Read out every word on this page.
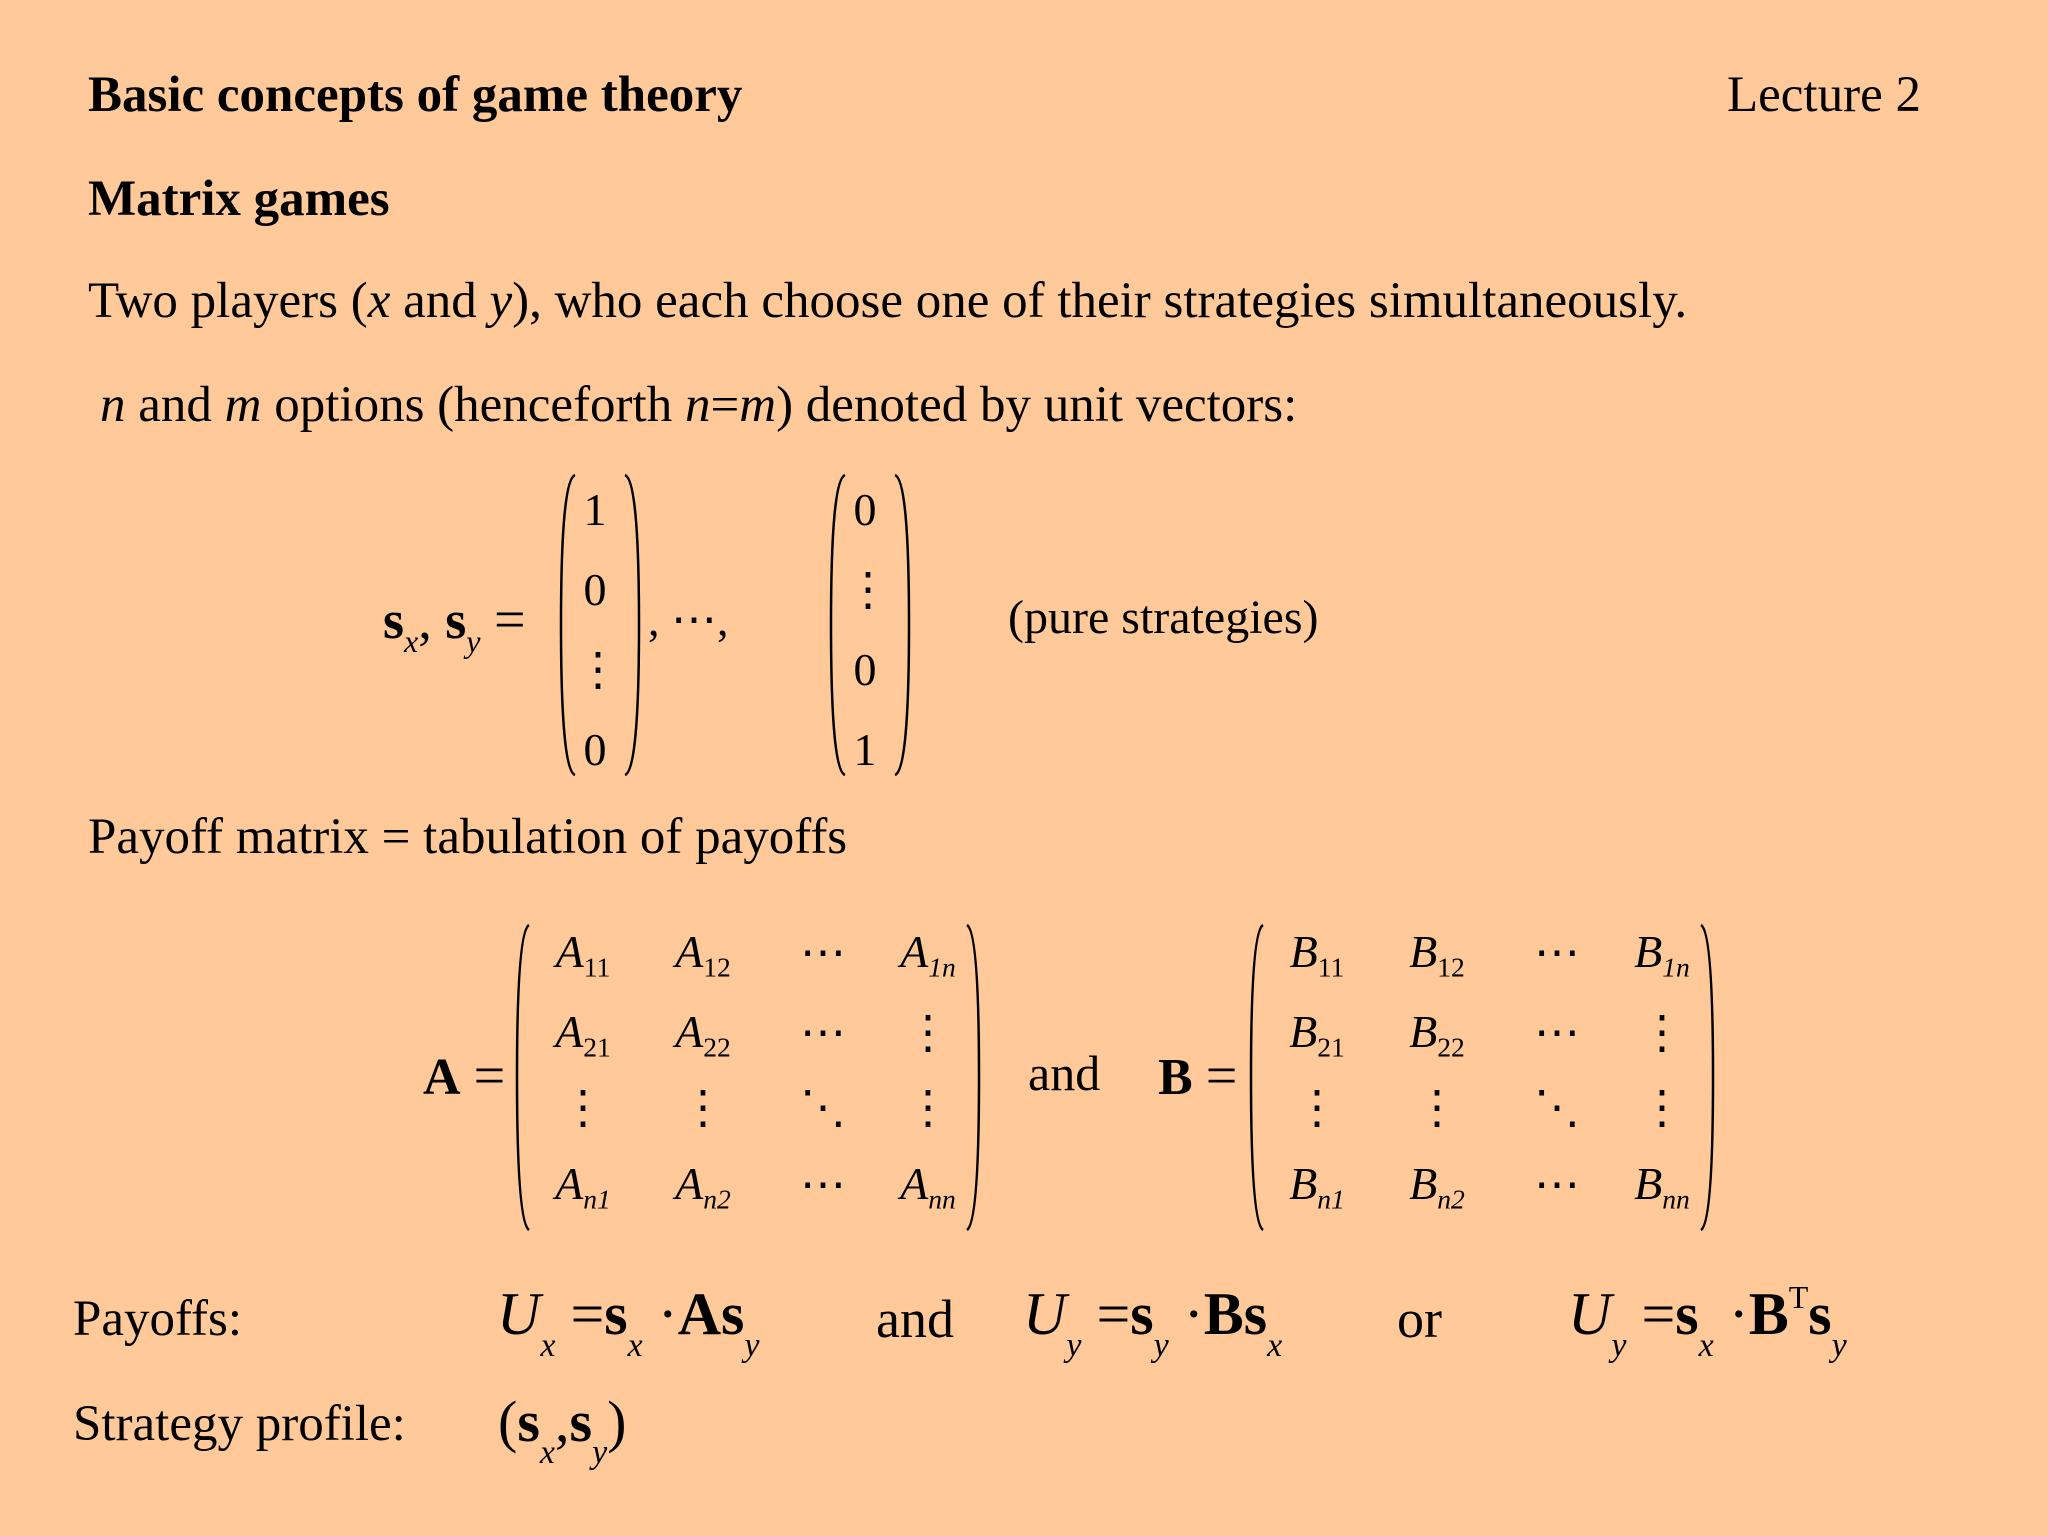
Basic concepts of game theory	Lecture 2
Matrix games
Two players (x and y), who each choose one of their strategies simultaneously.
n and m options (henceforth n=m) denoted by unit vectors:
$s_x$, $s_y$ =
1
0
⋮
0
, ⋯,
0
⋮
0
1
(pure strategies)
Payoff matrix = tabulation of payoffs
A =
$A_{11}$	$A_{12}$	⋯	$A_{1n}$
$A_{21}$	$A_{22}$	⋯	⋮
⋮	⋮	⋱	⋮
$A_{n1}$	$A_{n2}$	⋯	$A_{nn}$
and B =
$B_{11}$	$B_{12}$	⋯	$B_{1n}$
$B_{21}$	$B_{22}$	⋯	⋮
⋮	⋮	⋱	⋮
$B_{n1}$	$B_{n2}$	⋯	$B_{nn}$
Payoffs:	$U_x =s_x \cdot As_y$ and $U_y =s_y \cdot Bs_x$ or $U_y =s_x \cdot B^Ts_y$
Strategy profile: $(s_x,s_y)$
